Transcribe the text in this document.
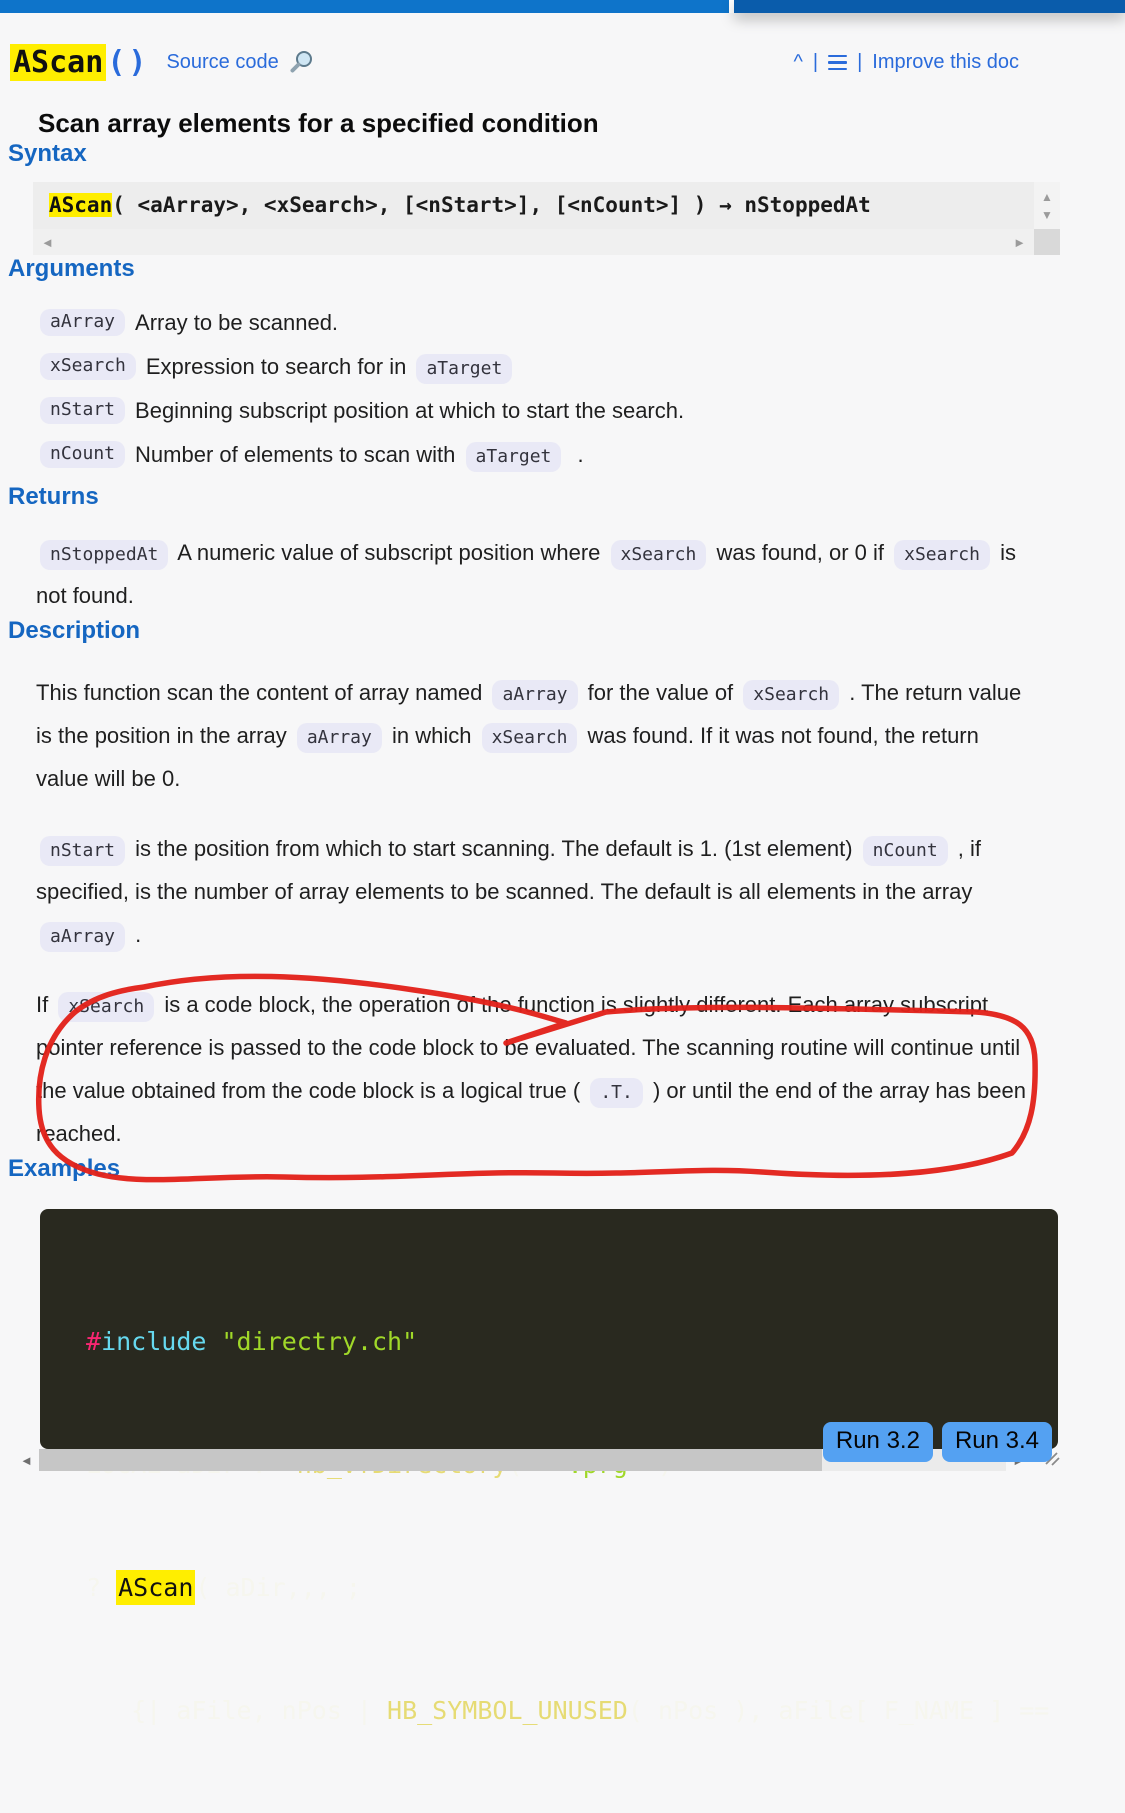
AScan () Source code	^ | | Improve this doc
Scan array elements for a specified condition
Syntax
AScan( <aArray>, <xSearch>, [<nStart>], [<nCount>] ) → nStoppedAt	▲
▼
◄	►
Arguments
aArray Array to be scanned.
xSearch Expression to search for in aTarget
nStart Beginning subscript position at which to start the search.
nCount Number of elements to scan with aTarget .
Returns

nStoppedAt A numeric value of subscript position where xSearch was found, or 0 if xSearch is not found.

Description

This function scan the content of array named aArray for the value of xSearch . The return value is the position in the array aArray in which xSearch was found. If it was not found, the return value will be 0.

nStart is the position from which to start scanning. The default is 1. (1st element) nCount , if specified, is the number of array elements to be scanned. The default is all elements in the array aArray .

If xSearch is a code block, the operation of the function is slightly different. Each array subscript pointer reference is passed to the code block to be evaluated. The scanning routine will continue until the value obtained from the code block is a logical true ( .T. ) or until the end of the array has been reached.

Examples

#include "directry.ch"

? AScan( aDir,,, ;

{| aFile, nPos | HB_SYMBOL_UNUSED( nPos ), aFile[ F_NAME ] ==

Run 3.2	Run 3.4
◄
